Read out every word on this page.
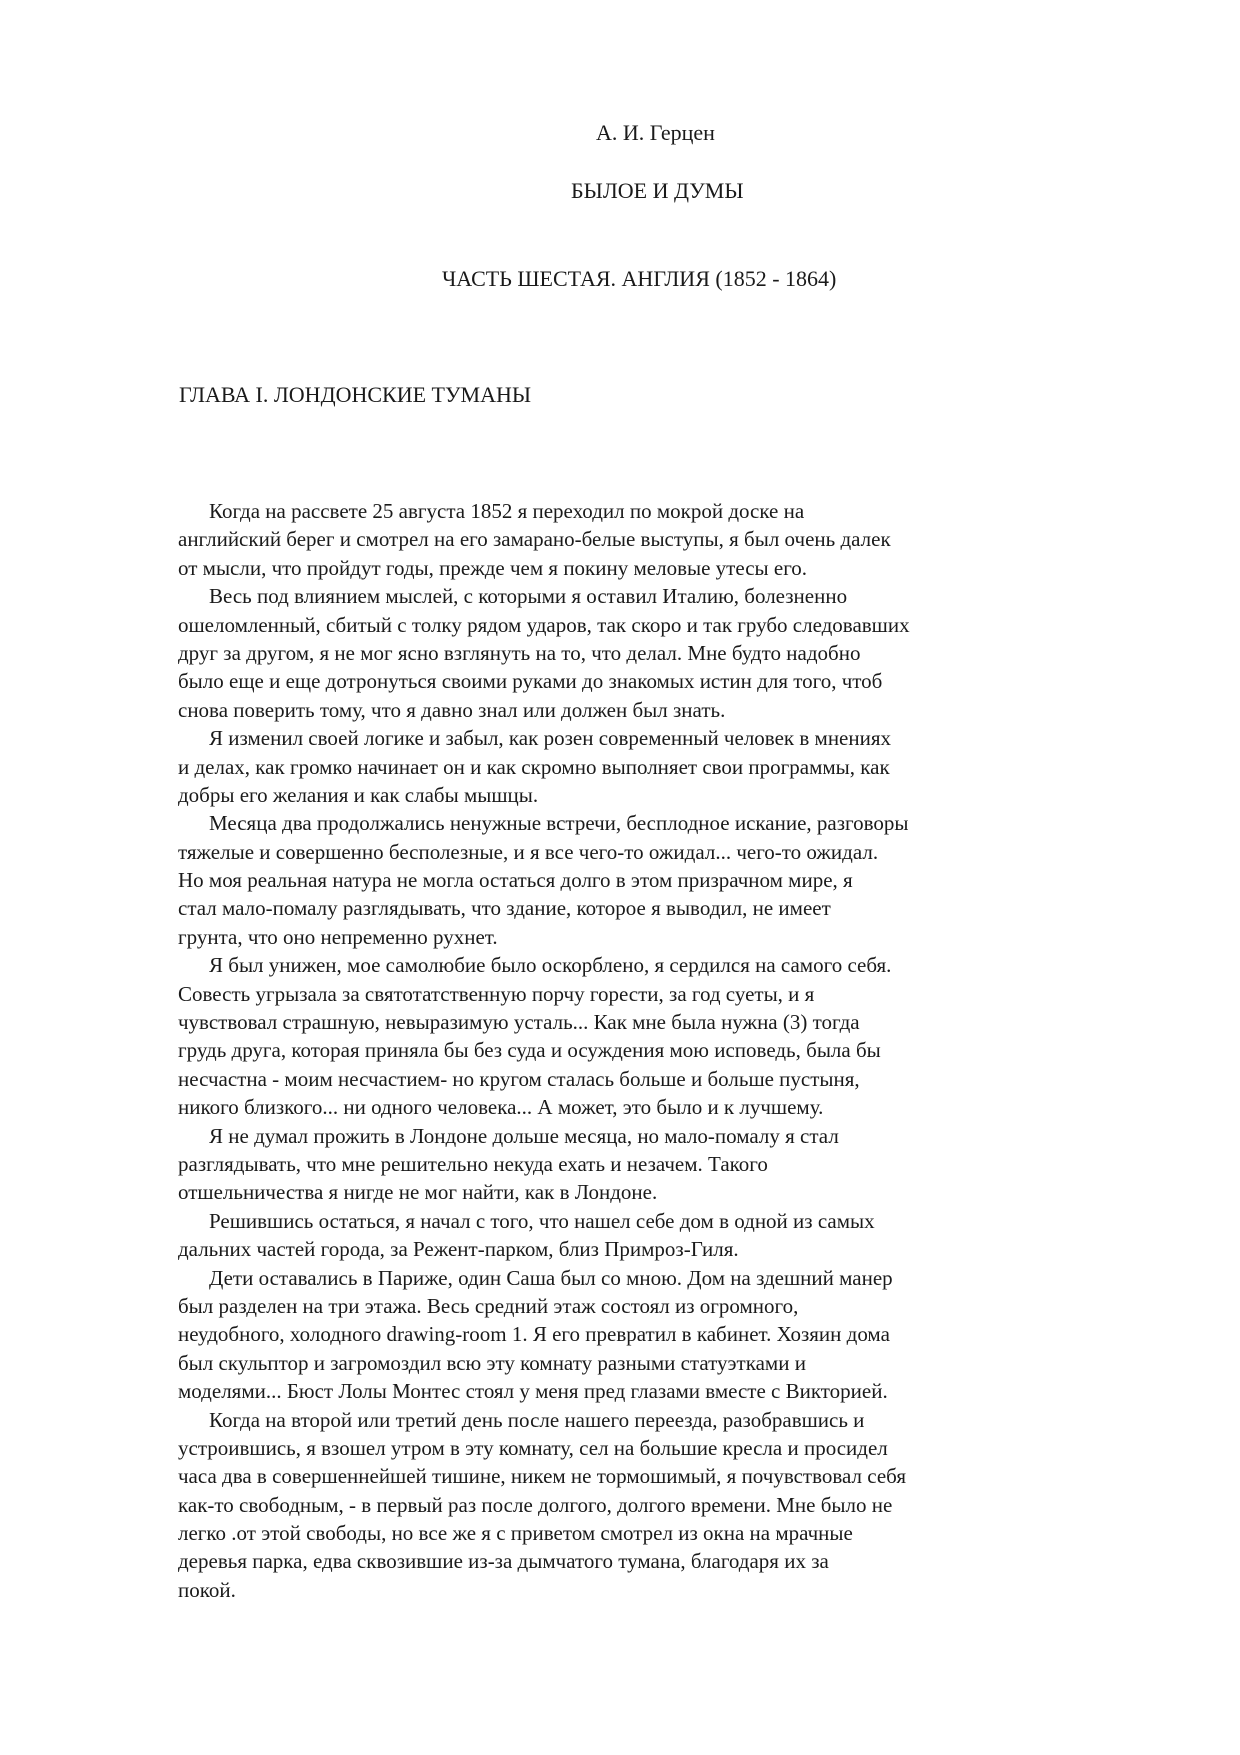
А. И. Герцен
БЫЛОЕ И ДУМЫ
ЧАСТЬ ШЕСТАЯ. АНГЛИЯ (1852 - 1864)
ГЛАВА I. ЛОНДОНСКИЕ ТУМАНЫ
Когда на рассвете 25 августа 1852 я переходил по мокрой доске на
английский берег и смотрел на его замарано-белые выступы, я был очень далек
от мысли, что пройдут годы, прежде чем я покину меловые утесы его.
Весь под влиянием мыслей, с которыми я оставил Италию, болезненно
ошеломленный, сбитый с толку рядом ударов, так скоро и так грубо следовавших
друг за другом, я не мог ясно взглянуть на то, что делал. Мне будто надобно
было еще и еще дотронуться своими руками до знакомых истин для того, чтоб
снова поверить тому, что я давно знал или должен был знать.
Я изменил своей логике и забыл, как розен современный человек в мнениях
и делах, как громко начинает он и как скромно выполняет свои программы, как
добры его желания и как слабы мышцы.
Месяца два продолжались ненужные встречи, бесплодное искание, разговоры
тяжелые и совершенно бесполезные, и я все чего-то ожидал... чего-то ожидал.
Но моя реальная натура не могла остаться долго в этом призрачном мире, я
стал мало-помалу разглядывать, что здание, которое я выводил, не имеет
грунта, что оно непременно рухнет.
Я был унижен, мое самолюбие было оскорблено, я сердился на самого себя.
Совесть угрызала за святотатственную порчу горести, за год суеты, и я
чувствовал страшную, невыразимую усталь... Как мне была нужна (3) тогда
грудь друга, которая приняла бы без суда и осуждения мою исповедь, была бы
несчастна - моим несчастием- но кругом сталась больше и больше пустыня,
никого близкого... ни одного человека... А может, это было и к лучшему.
Я не думал прожить в Лондоне дольше месяца, но мало-помалу я стал
разглядывать, что мне решительно некуда ехать и незачем. Такого
отшельничества я нигде не мог найти, как в Лондоне.
Решившись остаться, я начал с того, что нашел себе дом в одной из самых
дальних частей города, за Режент-парком, близ Примроз-Гиля.
Дети оставались в Париже, один Саша был со мною. Дом на здешний манер
был разделен на три этажа. Весь средний этаж состоял из огромного,
неудобного, холодного drawing-room 1. Я его превратил в кабинет. Хозяин дома
был скульптор и загромоздил всю эту комнату разными статуэтками и
моделями... Бюст Лолы Монтес стоял у меня пред глазами вместе с Викторией.
Когда на второй или третий день после нашего переезда, разобравшись и
устроившись, я взошел утром в эту комнату, сел на большие кресла и просидел
часа два в совершеннейшей тишине, никем не тормошимый, я почувствовал себя
как-то свободным, - в первый раз после долгого, долгого времени. Мне было не
легко .от этой свободы, но все же я с приветом смотрел из окна на мрачные
деревья парка, едва сквозившие из-за дымчатого тумана, благодаря их за
покой.
